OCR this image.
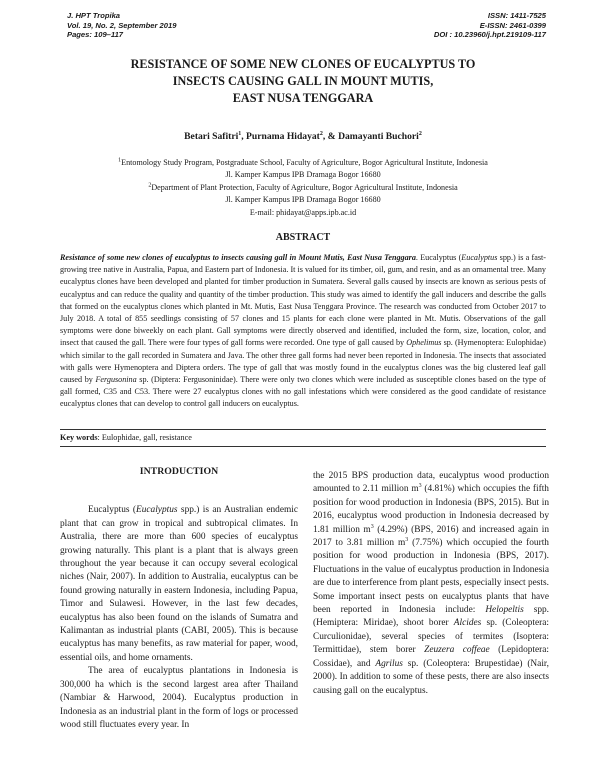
J. HPT Tropika
Vol. 19, No. 2, September 2019
Pages: 109–117
ISSN: 1411-7525
E-ISSN: 2461-0399
DOI : 10.23960/j.hpt.219109-117
RESISTANCE OF SOME NEW CLONES OF EUCALYPTUS TO
INSECTS CAUSING GALL IN MOUNT MUTIS,
EAST NUSA TENGGARA
Betari Safitri$^1$, Purnama Hidayat$^2$, & Damayanti Buchori$^2$
$^1$Entomology Study Program, Postgraduate School, Faculty of Agriculture, Bogor Agricultural Institute, Indonesia
Jl. Kamper Kampus IPB Dramaga Bogor 16680
$^2$Department of Plant Protection, Faculty of Agriculture, Bogor Agricultural Institute, Indonesia
Jl. Kamper Kampus IPB Dramaga Bogor 16680
E-mail: phidayat@apps.ipb.ac.id
ABSTRACT
Resistance of some new clones of eucalyptus to insects causing gall in Mount Mutis, East Nusa Tenggara. Eucalyptus (Eucalyptus spp.) is a fast-growing tree native in Australia, Papua, and Eastern part of Indonesia. It is valued for its timber, oil, gum, and resin, and as an ornamental tree. Many eucalyptus clones have been developed and planted for timber production in Sumatera. Several galls caused by insects are known as serious pests of eucalyptus and can reduce the quality and quantity of the timber production. This study was aimed to identify the gall inducers and describe the galls that formed on the eucalyptus clones which planted in Mt. Mutis, East Nusa Tenggara Province. The research was conducted from October 2017 to July 2018. A total of 855 seedlings consisting of 57 clones and 15 plants for each clone were planted in Mt. Mutis. Observations of the gall symptoms were done biweekly on each plant. Gall symptoms were directly observed and identified, included the form, size, location, color, and insect that caused the gall. There were four types of gall forms were recorded. One type of gall caused by Ophelimus sp. (Hymenoptera: Eulophidae) which similar to the gall recorded in Sumatera and Java. The other three gall forms had never been reported in Indonesia. The insects that associated with galls were Hymenoptera and Diptera orders. The type of gall that was mostly found in the eucalyptus clones was the big clustered leaf gall caused by Fergusonina sp. (Diptera: Fergusoninidae). There were only two clones which were included as susceptible clones based on the type of gall formed, C35 and C53. There were 27 eucalyptus clones with no gall infestations which were considered as the good candidate of resistance eucalyptus clones that can develop to control gall inducers on eucalyptus.
Key words: Eulophidae, gall, resistance
INTRODUCTION

Eucalyptus (Eucalyptus spp.) is an Australian endemic plant that can grow in tropical and subtropical climates. In Australia, there are more than 600 species of eucalyptus growing naturally. This plant is a plant that is always green throughout the year because it can occupy several ecological niches (Nair, 2007). In addition to Australia, eucalyptus can be found growing naturally in eastern Indonesia, including Papua, Timor and Sulawesi. However, in the last few decades, eucalyptus has also been found on the islands of Sumatra and Kalimantan as industrial plants (CABI, 2005). This is because eucalyptus has many benefits, as raw material for paper, wood, essential oils, and home ornaments.

The area of eucalyptus plantations in Indonesia is 300,000 ha which is the second largest area after Thailand (Nambiar & Harwood, 2004). Eucalyptus production in Indonesia as an industrial plant in the form of logs or processed wood still fluctuates every year. In

the 2015 BPS production data, eucalyptus wood production amounted to 2.11 million $m^3$ (4.81%) which occupies the fifth position for wood production in Indonesia (BPS, 2015). But in 2016, eucalyptus wood production in Indonesia decreased by 1.81 million $m^3$ (4.29%) (BPS, 2016) and increased again in 2017 to 3.81 million $m^3$ (7.75%) which occupied the fourth position for wood production in Indonesia (BPS, 2017). Fluctuations in the value of eucalyptus production in Indonesia are due to interference from plant pests, especially insect pests. Some important insect pests on eucalyptus plants that have been reported in Indonesia include: Helopeltis spp. (Hemiptera: Miridae), shoot borer Alcides sp. (Coleoptera: Curculionidae), several species of termites (Isoptera: Termittidae), stem borer Zeuzera coffeae (Lepidoptera: Cossidae), and Agrilus sp. (Coleoptera: Brupestidae) (Nair, 2000). In addition to some of these pests, there are also insects causing gall on the eucalyptus.
